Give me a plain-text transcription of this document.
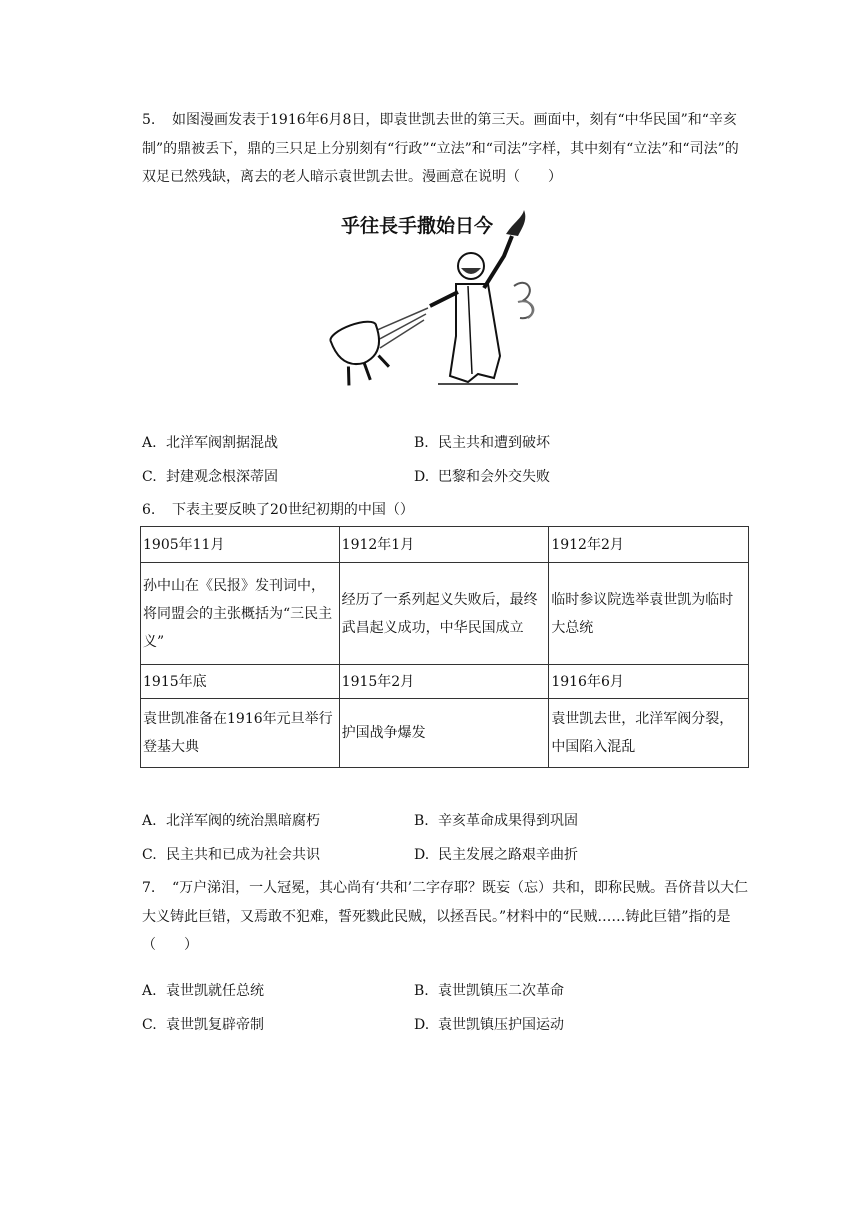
5. 如图漫画发表于1916年6月8日，即袁世凯去世的第三天。画面中，刻有“中华民国”和“辛亥制”的鼎被丢下，鼎的三只足上分别刻有“行政”“立法”和“司法”字样，其中刻有“立法”和“司法”的双足已然残缺，离去的老人暗示袁世凯去世。漫画意在说明（　　）
 乎往長手撒始日今
A. 北洋军阀割据混战	B. 民主共和遭到破坏
C. 封建观念根深蒂固	D. 巴黎和会外交失败
6. 下表主要反映了20世纪初期的中国（）
1905年11月	1912年1月	1912年2月
孙中山在《民报》发刊词中，将同盟会的主张概括为“三民主义”	经历了一系列起义失败后，最终武昌起义成功，中华民国成立	临时参议院选举袁世凯为临时大总统
1915年底	1915年2月	1916年6月
袁世凯准备在1916年元旦举行登基大典	护国战争爆发	袁世凯去世，北洋军阀分裂，中国陷入混乱
A. 北洋军阀的统治黑暗腐朽	B. 辛亥革命成果得到巩固
C. 民主共和已成为社会共识	D. 民主发展之路艰辛曲折
7. “万户涕泪，一人冠冕，其心尚有‘共和’二字存耶？既妄（忘）共和，即称民贼。吾侪昔以大仁大义铸此巨错，又焉敢不犯难，誓死戮此民贼，以拯吾民。”材料中的“民贼……铸此巨错”指的是（　　）
A. 袁世凯就任总统	B. 袁世凯镇压二次革命
C. 袁世凯复辟帝制	D. 袁世凯镇压护国运动
